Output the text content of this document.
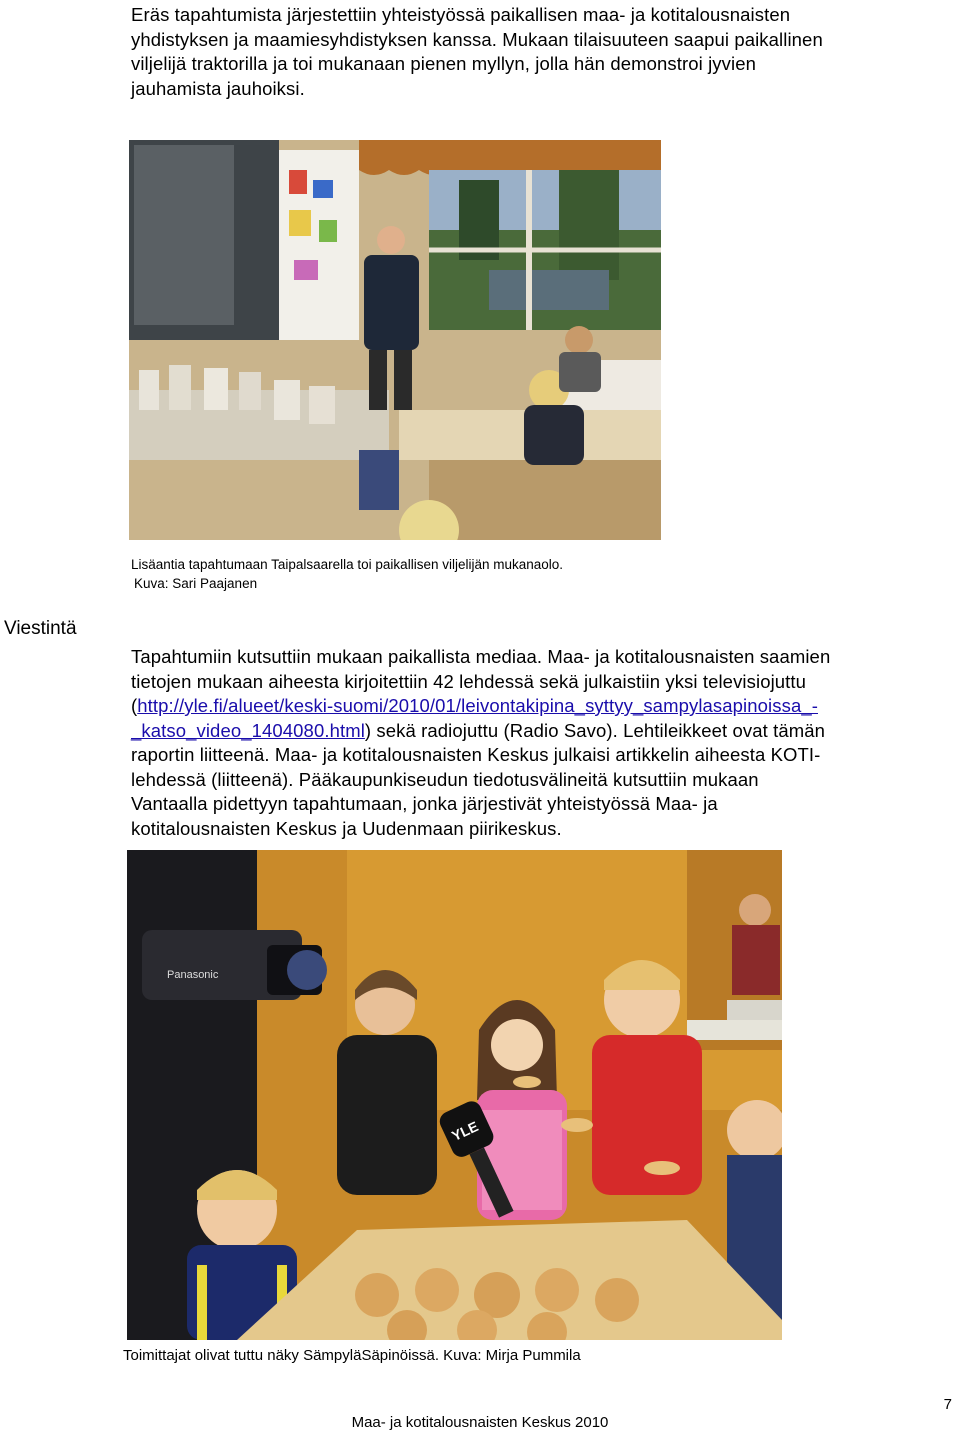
Eräs tapahtumista järjestettiin yhteistyössä paikallisen maa- ja kotitalousnaisten
yhdistyksen ja maamiesyhdistyksen kanssa. Mukaan tilaisuuteen saapui paikallinen
viljelijä traktorilla ja toi mukanaan pienen myllyn, jolla hän demonstroi jyvien
jauhamista jauhoiksi.
Lisäantia tapahtumaan Taipalsaarella toi paikallisen viljelijän mukanaolo.
Kuva: Sari Paajanen
Viestintä
Tapahtumiin kutsuttiin mukaan paikallista mediaa. Maa- ja kotitalousnaisten saamien
tietojen mukaan aiheesta kirjoitettiin 42 lehdessä sekä julkaistiin yksi televisiojuttu
(http://yle.fi/alueet/keski-suomi/2010/01/leivontakipina_syttyy_sampylasapinoissa_-
_katso_video_1404080.html) sekä radiojuttu (Radio Savo). Lehtileikkeet ovat tämän
raportin liitteenä. Maa- ja kotitalousnaisten Keskus julkaisi artikkelin aiheesta KOTI-
lehdessä (liitteenä). Pääkaupunkiseudun tiedotusvälineitä kutsuttiin mukaan
Vantaalla pidettyyn tapahtumaan, jonka järjestivät yhteistyössä Maa- ja
kotitalousnaisten Keskus ja Uudenmaan piirikeskus.
Panasonic
YLE
Toimittajat olivat tuttu näky SämpyläSäpinöissä. Kuva: Mirja Pummila
7
Maa- ja kotitalousnaisten Keskus 2010
